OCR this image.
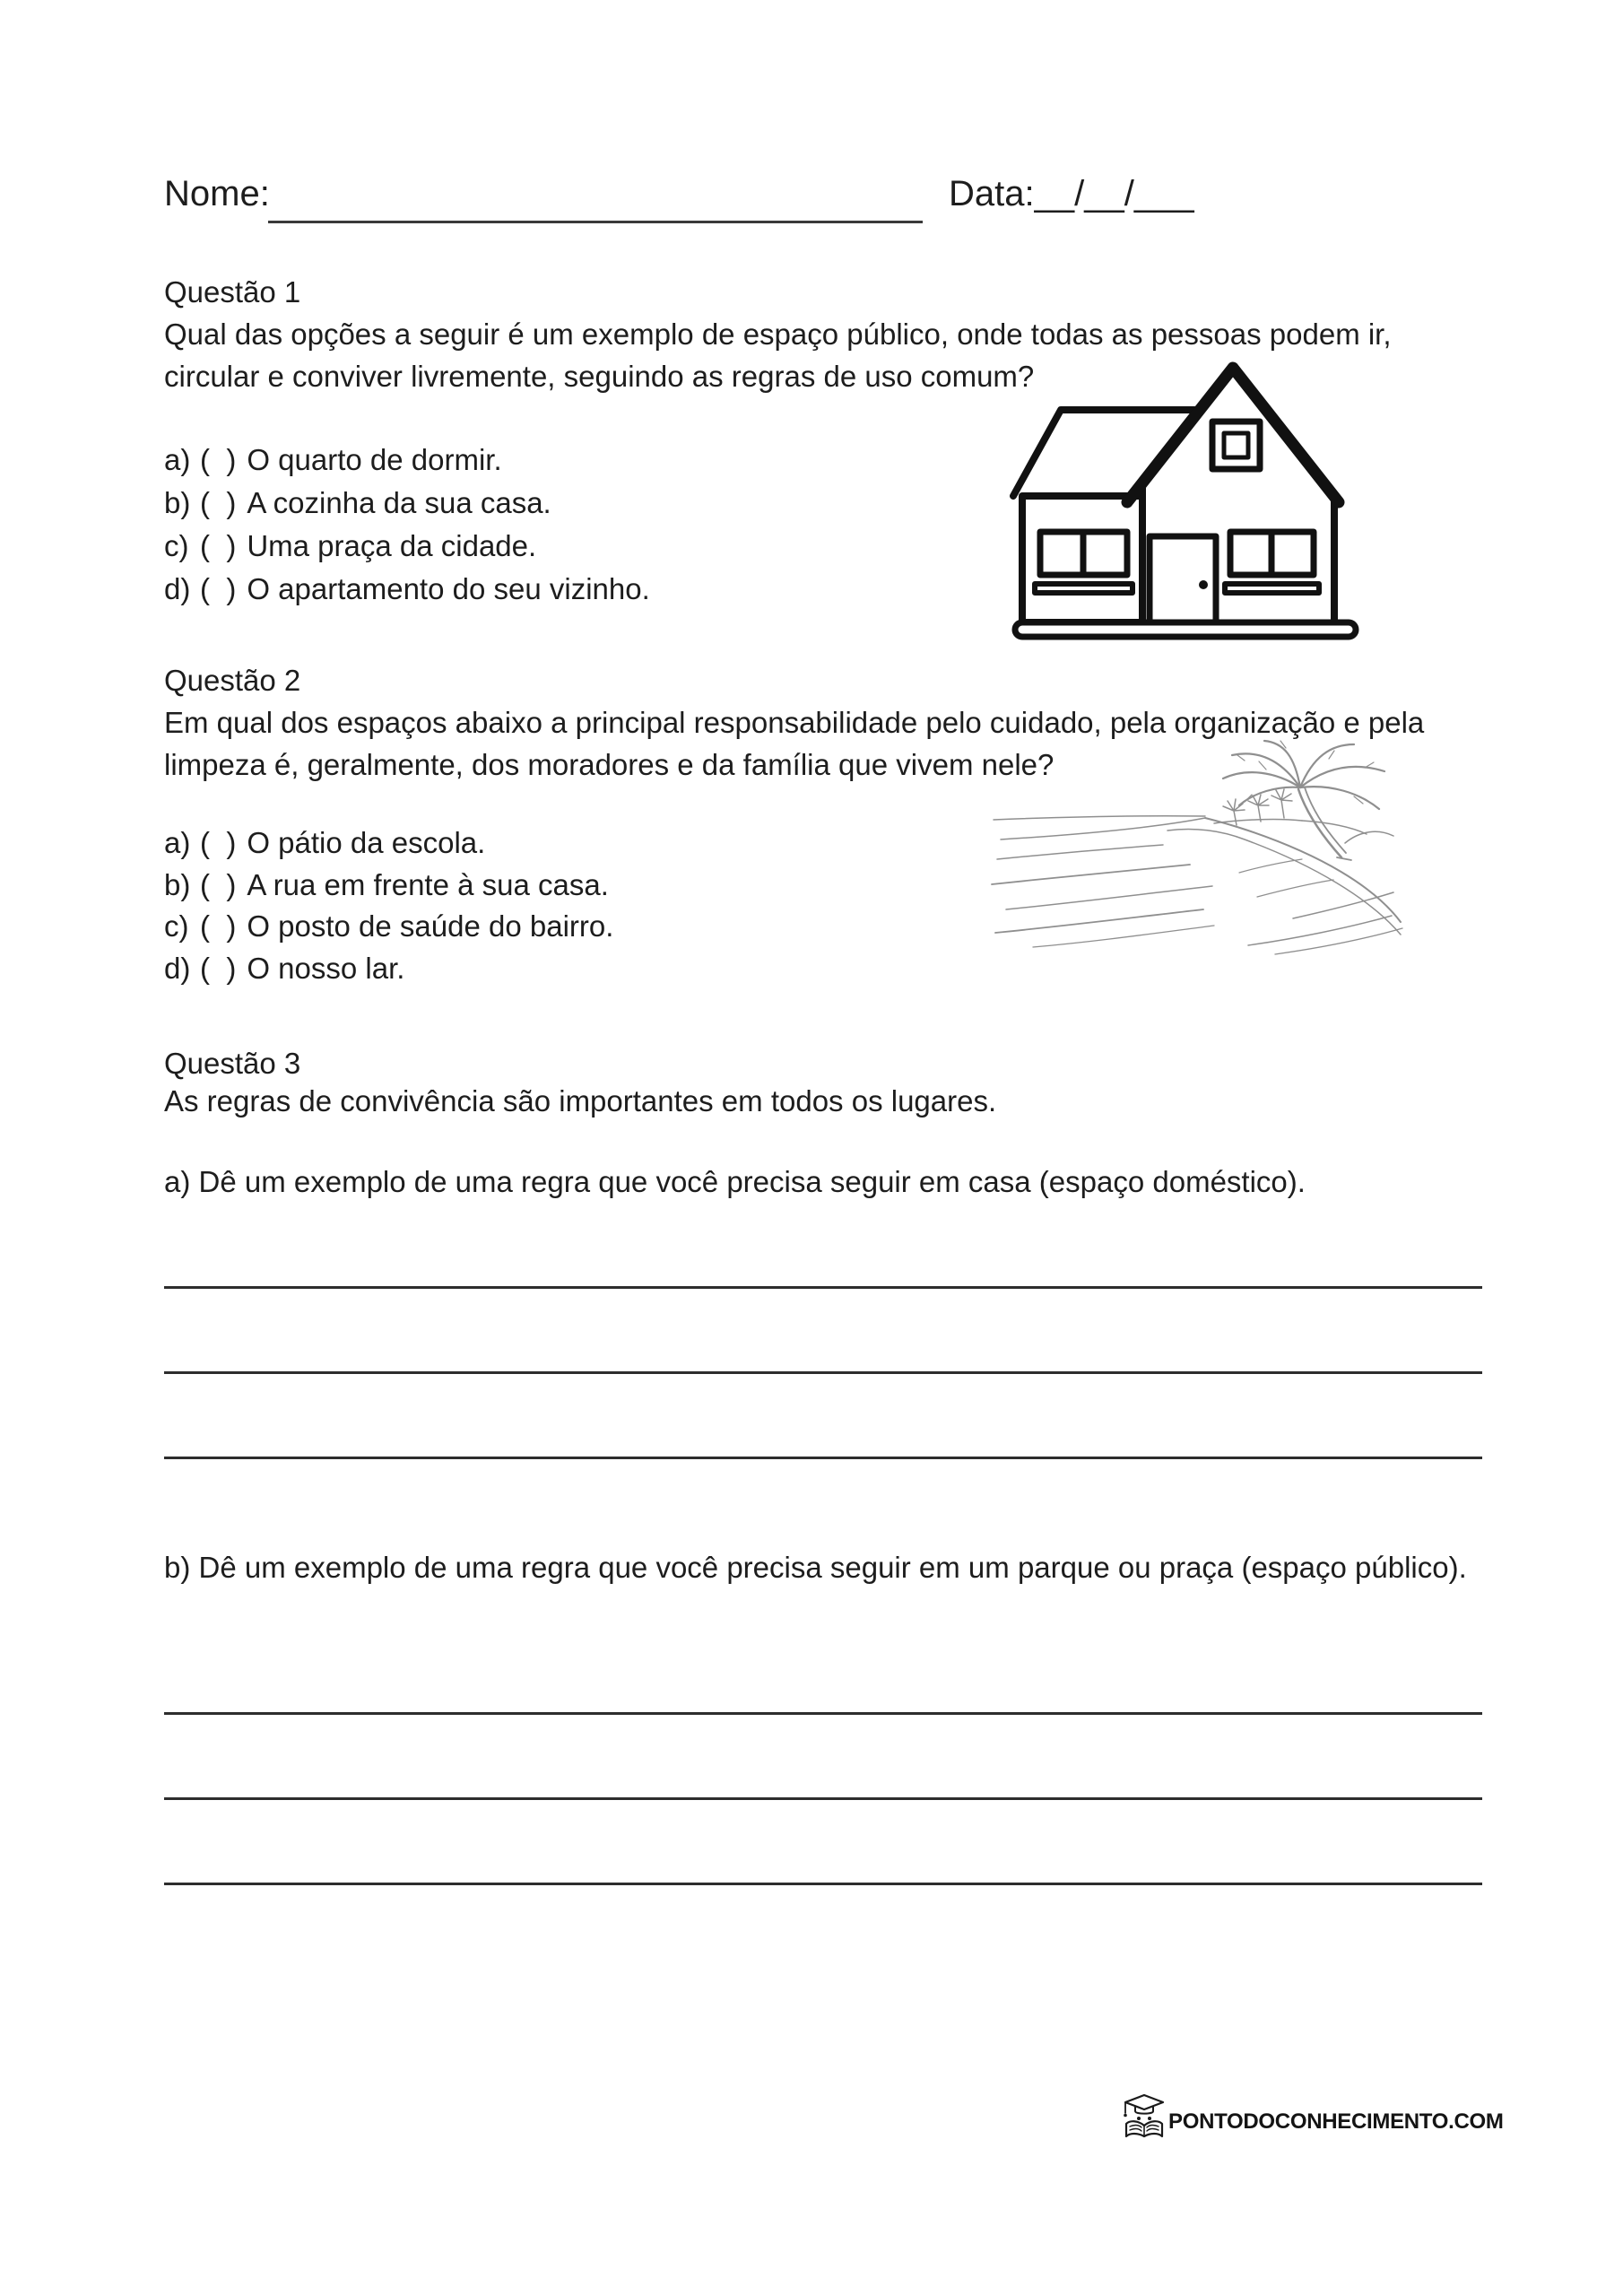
Nome:	Data:__/__/___
Questão 1
Qual das opções a seguir é um exemplo de espaço público, onde todas as pessoas podem ir, circular e conviver livremente, seguindo as regras de uso comum?
a) (  ) O quarto de dormir.
b) (  ) A cozinha da sua casa.
c) (  ) Uma praça da cidade.
d) (  ) O apartamento do seu vizinho.
Questão 2
Em qual dos espaços abaixo a principal responsabilidade pelo cuidado, pela organização e pela limpeza é, geralmente, dos moradores e da família que vivem nele?
a) (  ) O pátio da escola.
b) (  ) A rua em frente à sua casa.
c) (  ) O posto de saúde do bairro.
d) (  ) O nosso lar.
Questão 3
As regras de convivência são importantes em todos os lugares.
a) Dê um exemplo de uma regra que você precisa seguir em casa (espaço doméstico).
b) Dê um exemplo de uma regra que você precisa seguir em um parque ou praça (espaço público).
PONTODOCONHECIMENTO.COM
